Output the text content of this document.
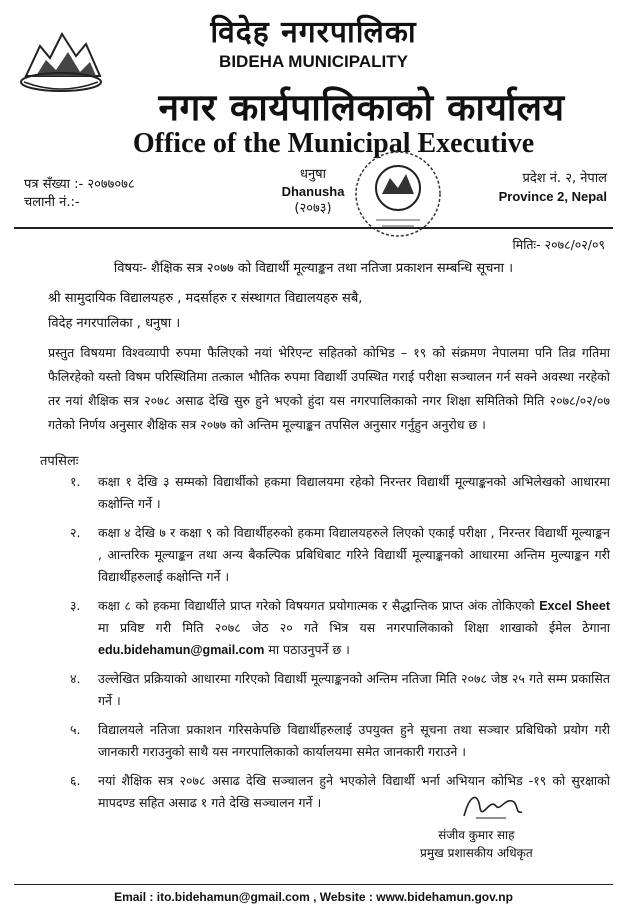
विदेह नगरपालिका
BIDEHA MUNICIPALITY
नगर कार्यपालिकाको कार्यालय
Office of the Municipal Executive
पत्र सँख्या :- २०७७०७८
चलानी नं.:-
धनुषा
Dhanusha
(२०७३)
प्रदेश नं. २, नेपाल
Province 2, Nepal
मितिः- २०७८/०२/०९
विषयः- शैक्षिक सत्र २०७७ को विद्यार्थी मूल्याङ्कन तथा नतिजा प्रकाशन सम्बन्धि सूचना ।
श्री सामुदायिक विद्यालयहरु , मदर्साहरु र संस्थागत विद्यालयहरु सबै,
विदेह नगरपालिका , धनुषा ।
प्रस्तुत विषयमा विश्वव्यापी रुपमा फैलिएको नयां भेरिएन्ट सहितको कोभिड – १९ को संक्रमण नेपालमा पनि तिव्र गतिमा फैलिरहेको यस्तो विषम परिस्थितिमा तत्काल भौतिक रुपमा विद्यार्थी उपस्थित गराई परीक्षा सञ्चालन गर्न सक्ने अवस्था नरहेको तर नयां शैक्षिक सत्र २०७८ असाढ देखि सुरु हुने भएको हुंदा यस नगरपालिकाको नगर शिक्षा समितिको मिति २०७८/०२/०७ गतेको निर्णय अनुसार शैक्षिक सत्र २०७७ को अन्तिम मूल्याङ्कन तपसिल अनुसार गर्नुहुन अनुरोध छ ।
तपसिलः
१. कक्षा १ देखि ३ सम्मको विद्यार्थीको हकमा विद्यालयमा रहेको निरन्तर विद्यार्थी मूल्याङ्कनको अभिलेखको आधारमा कक्षोन्ति गर्ने ।
२. कक्षा ४ देखि ७ र कक्षा ९ को विद्यार्थीहरुको हकमा विद्यालयहरुले लिएको एकाई परीक्षा , निरन्तर विद्यार्थी मूल्याङ्कन , आन्तरिक मूल्याङ्कन तथा अन्य बैकल्पिक प्रबिधिबाट गरिने विद्यार्थी मूल्याङ्कनको आधारमा अन्तिम मुल्याङ्कन गरी विद्यार्थीहरुलाई कक्षोन्ति गर्ने ।
३. कक्षा ८ को हकमा विद्यार्थीले प्राप्त गरेको विषयगत प्रयोगात्मक र सैद्धान्तिक प्राप्त अंक तोकिएको Excel Sheet मा प्रविष्ट गरी मिति २०७८ जेठ २० गते भित्र यस नगरपालिकाको शिक्षा शाखाको ईमेल ठेगाना edu.bidehamun@gmail.com मा पठाउनुपर्ने छ ।
४. उल्लेखित प्रक्रियाको आधारमा गरिएको विद्यार्थी मूल्याङ्कनको अन्तिम नतिजा मिति २०७८ जेष्ठ २५ गते सम्म प्रकासित गर्ने ।
५. विद्यालयले नतिजा प्रकाशन गरिसकेपछि विद्यार्थीहरुलाई उपयुक्त हुने सूचना तथा सञ्चार प्रबिधिको प्रयोग गरी जानकारी गराउनुको साथै यस नगरपालिकाको कार्यालयमा समेत जानकारी गराउने ।
६. नयां शैक्षिक सत्र २०७८ असाढ देखि सञ्चालन हुने भएकोले विद्यार्थी भर्ना अभियान कोभिड -१९ को सुरक्षाको मापदण्ड सहित असाढ १ गते देखि सञ्चालन गर्ने ।
संजीव कुमार साह
प्रमुख प्रशासकीय अधिकृत
Email : ito.bidehamun@gmail.com , Website : www.bidehamun.gov.np
